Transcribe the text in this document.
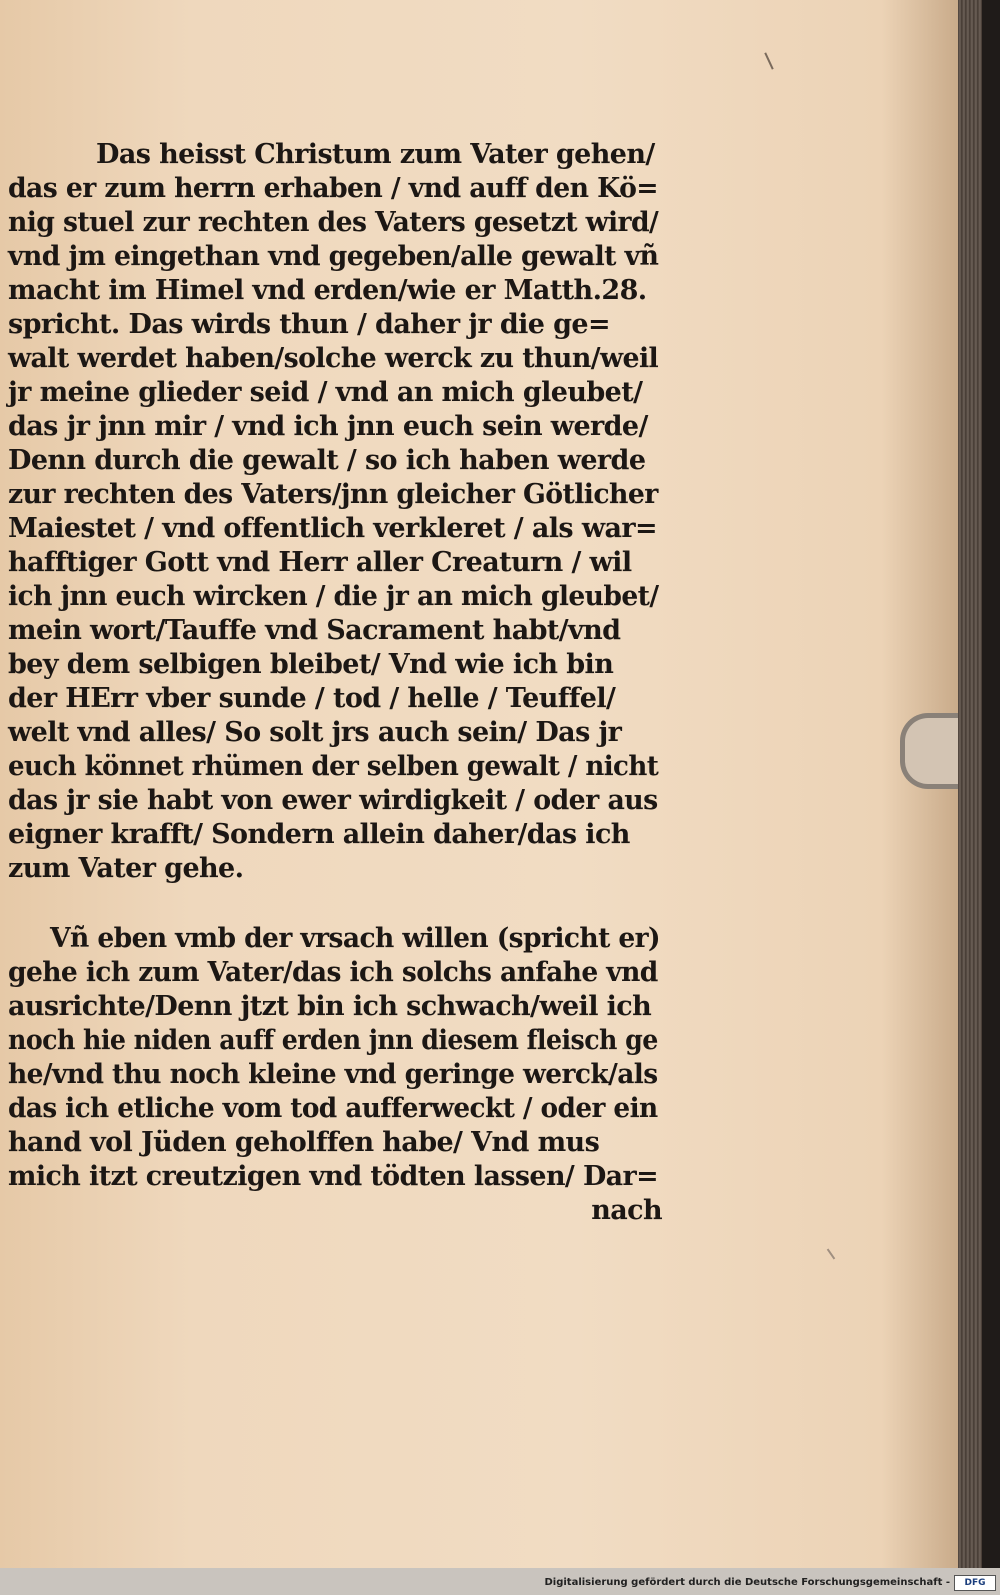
Das heisst Christum zum Vater gehen/
das er zum herrn erhaben / vnd auff den Kö=
nig stuel zur rechten des Vaters gesetzt wird/
vnd jm eingethan vnd gegeben/alle gewalt vñ
macht im Himel vnd erden/wie er Matth.28.
spricht. Das wirds thun / daher jr die ge=
walt werdet haben/solche werck zu thun/weil
jr meine glieder seid / vnd an mich gleubet/
das jr jnn mir / vnd ich jnn euch sein werde/
Denn durch die gewalt / so ich haben werde
zur rechten des Vaters/jnn gleicher Götlicher
Maiestet / vnd offentlich verkleret / als war=
hafftiger Gott vnd Herr aller Creaturn / wil
ich jnn euch wircken / die jr an mich gleubet/
mein wort/Tauffe vnd Sacrament habt/vnd
bey dem selbigen bleibet/ Vnd wie ich bin
der HErr vber sunde / tod / helle / Teuffel/
welt vnd alles/ So solt jrs auch sein/ Das jr
euch könnet rhümen der selben gewalt / nicht
das jr sie habt von ewer wirdigkeit / oder aus
eigner krafft/ Sondern allein daher/das ich
zum Vater gehe.
Vñ eben vmb der vrsach willen (spricht er)
gehe ich zum Vater/das ich solchs anfahe vnd
ausrichte/Denn jtzt bin ich schwach/weil ich
noch hie niden auff erden jnn diesem fleisch ge
he/vnd thu noch kleine vnd geringe werck/als
das ich etliche vom tod aufferweckt / oder ein
hand vol Jüden geholffen habe/ Vnd mus
mich itzt creutzigen vnd tödten lassen/ Dar=
nach
Digitalisierung gefördert durch die Deutsche Forschungsgemeinschaft -	DFG
